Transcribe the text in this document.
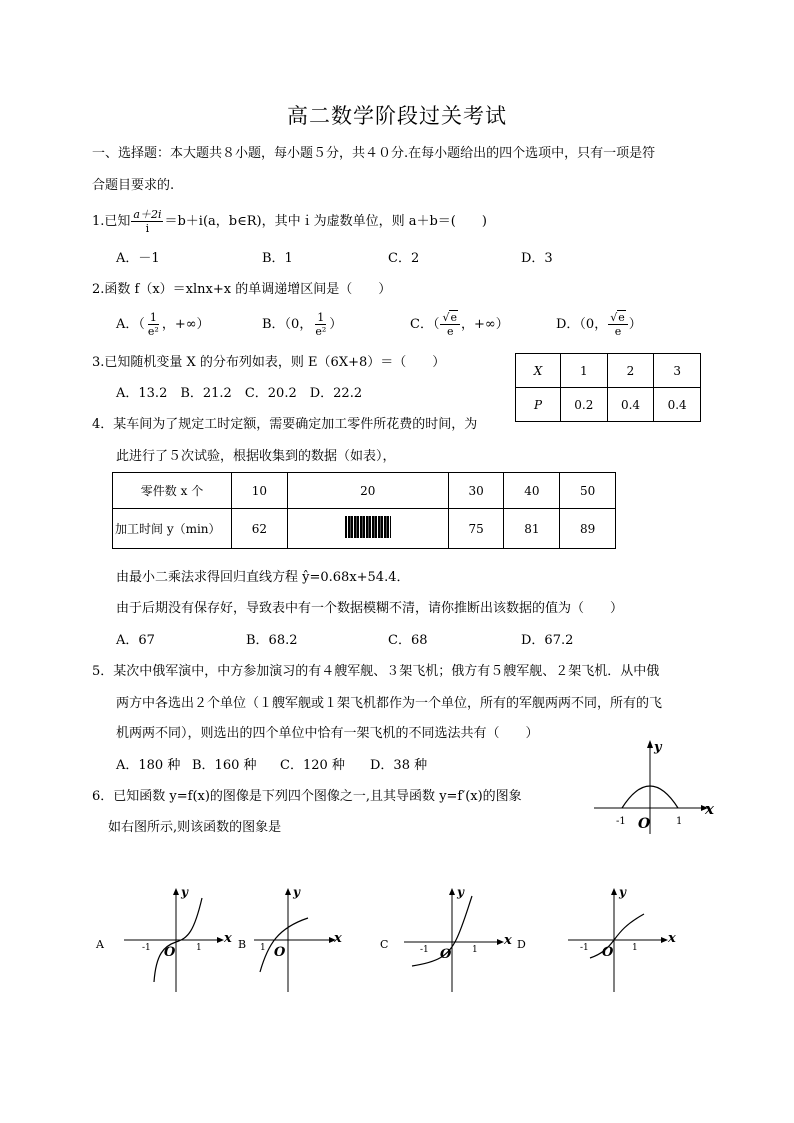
高二数学阶段过关考试
一、选择题：本大题共８小题，每小题５分，共４０分.在每小题给出的四个选项中，只有一项是符
合题目要求的.
1.已知 $\frac{a+2i}{i} =b+i(a$，b∈R)，其中ｉ为虚数单位，则 a＋b＝(　　)
A．－1	B．1	C．2	D．3
2.函数 f（x）＝xlnx+x 的单调递增区间是（　　）
A．（ $\frac{1}{\text{e²}}$ ，+∞）	B．（0， $\frac{1}{\text{e²}}$ ）	C．（ $\frac{√e}{e}$ ，+∞）	D．（0， $\frac{√e}{e}$ ）
3.已知随机变量 X 的分布列如表，则 E（6X+8）＝（　　）
A．13.2　B．21.2　C．20.2　D．22.2
X	1	2	3
P	0.2	0.4	0.4
4．某车间为了规定工时定额，需要确定加工零件所花费的时间，为
此进行了５次试验，根据收集到的数据（如表），
零件数 x 个	10	20	30	40	50
加工时间 y（min）	62		75	81	89
由最小二乘法求得回归直线方程 ŷ=0.68x+54.4．
由于后期没有保存好，导致表中有一个数据模糊不清，请你推断出该数据的值为（　　）
A．67	B．68.2	C．68	D．67.2
5．某次中俄军演中，中方参加演习的有４艘军舰、３架飞机；俄方有５艘军舰、２架飞机．从中俄
两方中各选出２个单位（１艘军舰或１架飞机都作为一个单位，所有的军舰两两不同，所有的飞
机两两不同），则选出的四个单位中恰有一架飞机的不同选法共有（　　）
A．180 种 B．160 种 C．120 种 D．38 种
6．已知函数 y=f(x)的图像是下列四个图像之一,且其导函数 y=f′(x)的图象
如右图所示,则该函数的图象是
x
y
O
-1	1
A	x
y
O
-1	1	B	x
y
O
1	C	x
y
O
-1	1	D	x
y
O
-1	1
